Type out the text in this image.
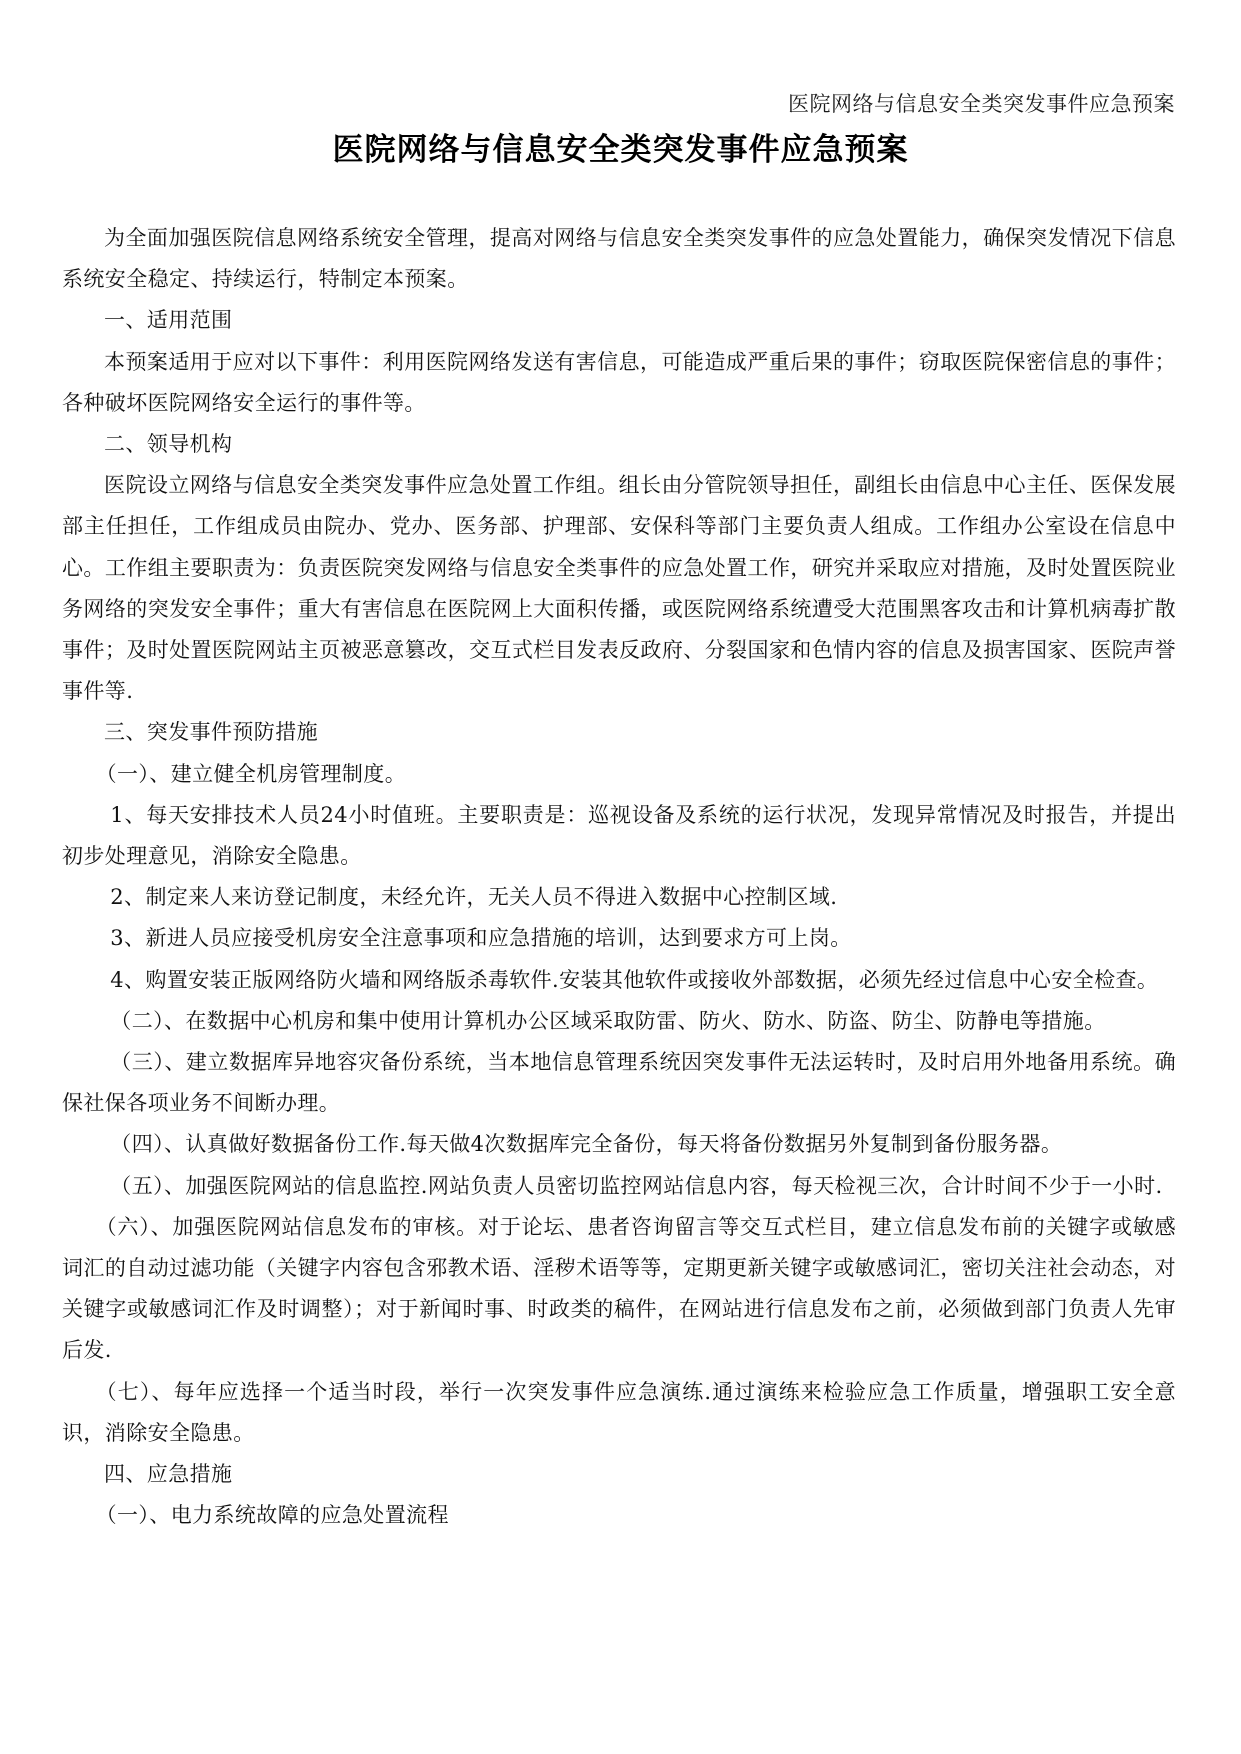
医院网络与信息安全类突发事件应急预案
医院网络与信息安全类突发事件应急预案

为全面加强医院信息网络系统安全管理，提高对网络与信息安全类突发事件的应急处置能力，确保突发情况下信息系统安全稳定、持续运行，特制定本预案。

一、适用范围

本预案适用于应对以下事件：利用医院网络发送有害信息，可能造成严重后果的事件；窃取医院保密信息的事件；各种破坏医院网络安全运行的事件等。

二、领导机构

医院设立网络与信息安全类突发事件应急处置工作组。组长由分管院领导担任，副组长由信息中心主任、医保发展部主任担任，工作组成员由院办、党办、医务部、护理部、安保科等部门主要负责人组成。工作组办公室设在信息中心。工作组主要职责为：负责医院突发网络与信息安全类事件的应急处置工作，研究并采取应对措施，及时处置医院业务网络的突发安全事件；重大有害信息在医院网上大面积传播，或医院网络系统遭受大范围黑客攻击和计算机病毒扩散事件；及时处置医院网站主页被恶意篡改，交互式栏目发表反政府、分裂国家和色情内容的信息及损害国家、医院声誉事件等.

三、突发事件预防措施

（一）、建立健全机房管理制度。

1、每天安排技术人员24小时值班。主要职责是：巡视设备及系统的运行状况，发现异常情况及时报告，并提出初步处理意见，消除安全隐患。

2、制定来人来访登记制度，未经允许，无关人员不得进入数据中心控制区域.

3、新进人员应接受机房安全注意事项和应急措施的培训，达到要求方可上岗。

4、购置安装正版网络防火墙和网络版杀毒软件.安装其他软件或接收外部数据，必须先经过信息中心安全检查。

（二）、在数据中心机房和集中使用计算机办公区域采取防雷、防火、防水、防盗、防尘、防静电等措施。

（三）、建立数据库异地容灾备份系统，当本地信息管理系统因突发事件无法运转时，及时启用外地备用系统。确保社保各项业务不间断办理。

（四）、认真做好数据备份工作.每天做4次数据库完全备份，每天将备份数据另外复制到备份服务器。

（五）、加强医院网站的信息监控.网站负责人员密切监控网站信息内容，每天检视三次，合计时间不少于一小时.

（六）、加强医院网站信息发布的审核。对于论坛、患者咨询留言等交互式栏目，建立信息发布前的关键字或敏感词汇的自动过滤功能（关键字内容包含邪教术语、淫秽术语等等，定期更新关键字或敏感词汇，密切关注社会动态，对关键字或敏感词汇作及时调整）；对于新闻时事、时政类的稿件，在网站进行信息发布之前，必须做到部门负责人先审后发.

（七）、每年应选择一个适当时段，举行一次突发事件应急演练.通过演练来检验应急工作质量，增强职工安全意识，消除安全隐患。

四、应急措施

（一）、电力系统故障的应急处置流程
